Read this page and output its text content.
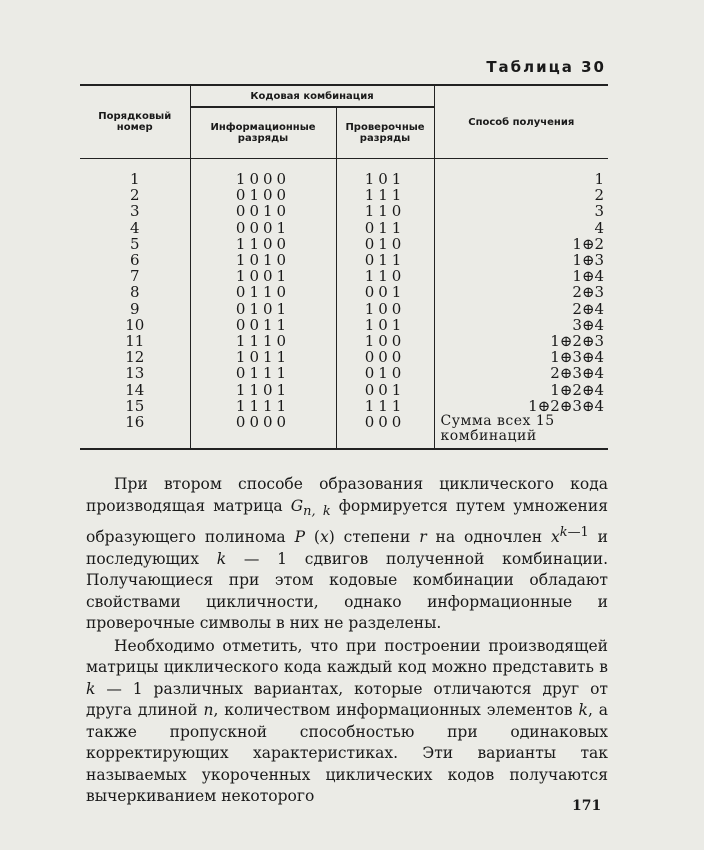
Таблица 30
Порядковый номер	Кодовая комбинация		Способ получения
	Информационные разряды	Проверочные разряды	

1	1000	101	1
2	0100	111	2
3	0010	110	3
4	0001	011	4
5	1100	010	1⊕2
6	1010	011	1⊕3
7	1001	110	1⊕4
8	0110	001	2⊕3
9	0101	100	2⊕4
10	0011	101	3⊕4
11	1110	100	1⊕2⊕3
12	1011	000	1⊕3⊕4
13	0111	010	2⊕3⊕4
14	1101	001	1⊕2⊕4
15	1111	111	1⊕2⊕3⊕4
16	0000	000	Сумма всех 15 комбинаций

При втором способе образования циклического кода производящая матрица $G_{n, k}$ формируется путем умножения образующего полинома P (x) степени r на одночлен $x^{k—1}$ и последующих k — 1 сдвигов полученной комбинации. Получающиеся при этом кодовые комбинации обладают свойствами цикличности, однако информационные и проверочные символы в них не разделены.

Необходимо отметить, что при построении производящей матрицы циклического кода каждый код можно представить в k — 1 различных вариантах, которые отличаются друг от друга длиной n, количеством информационных элементов k, а также пропускной способностью при одинаковых корректирующих характеристиках. Эти варианты так называемых укороченных циклических кодов получаются вычеркиванием некоторого

171
